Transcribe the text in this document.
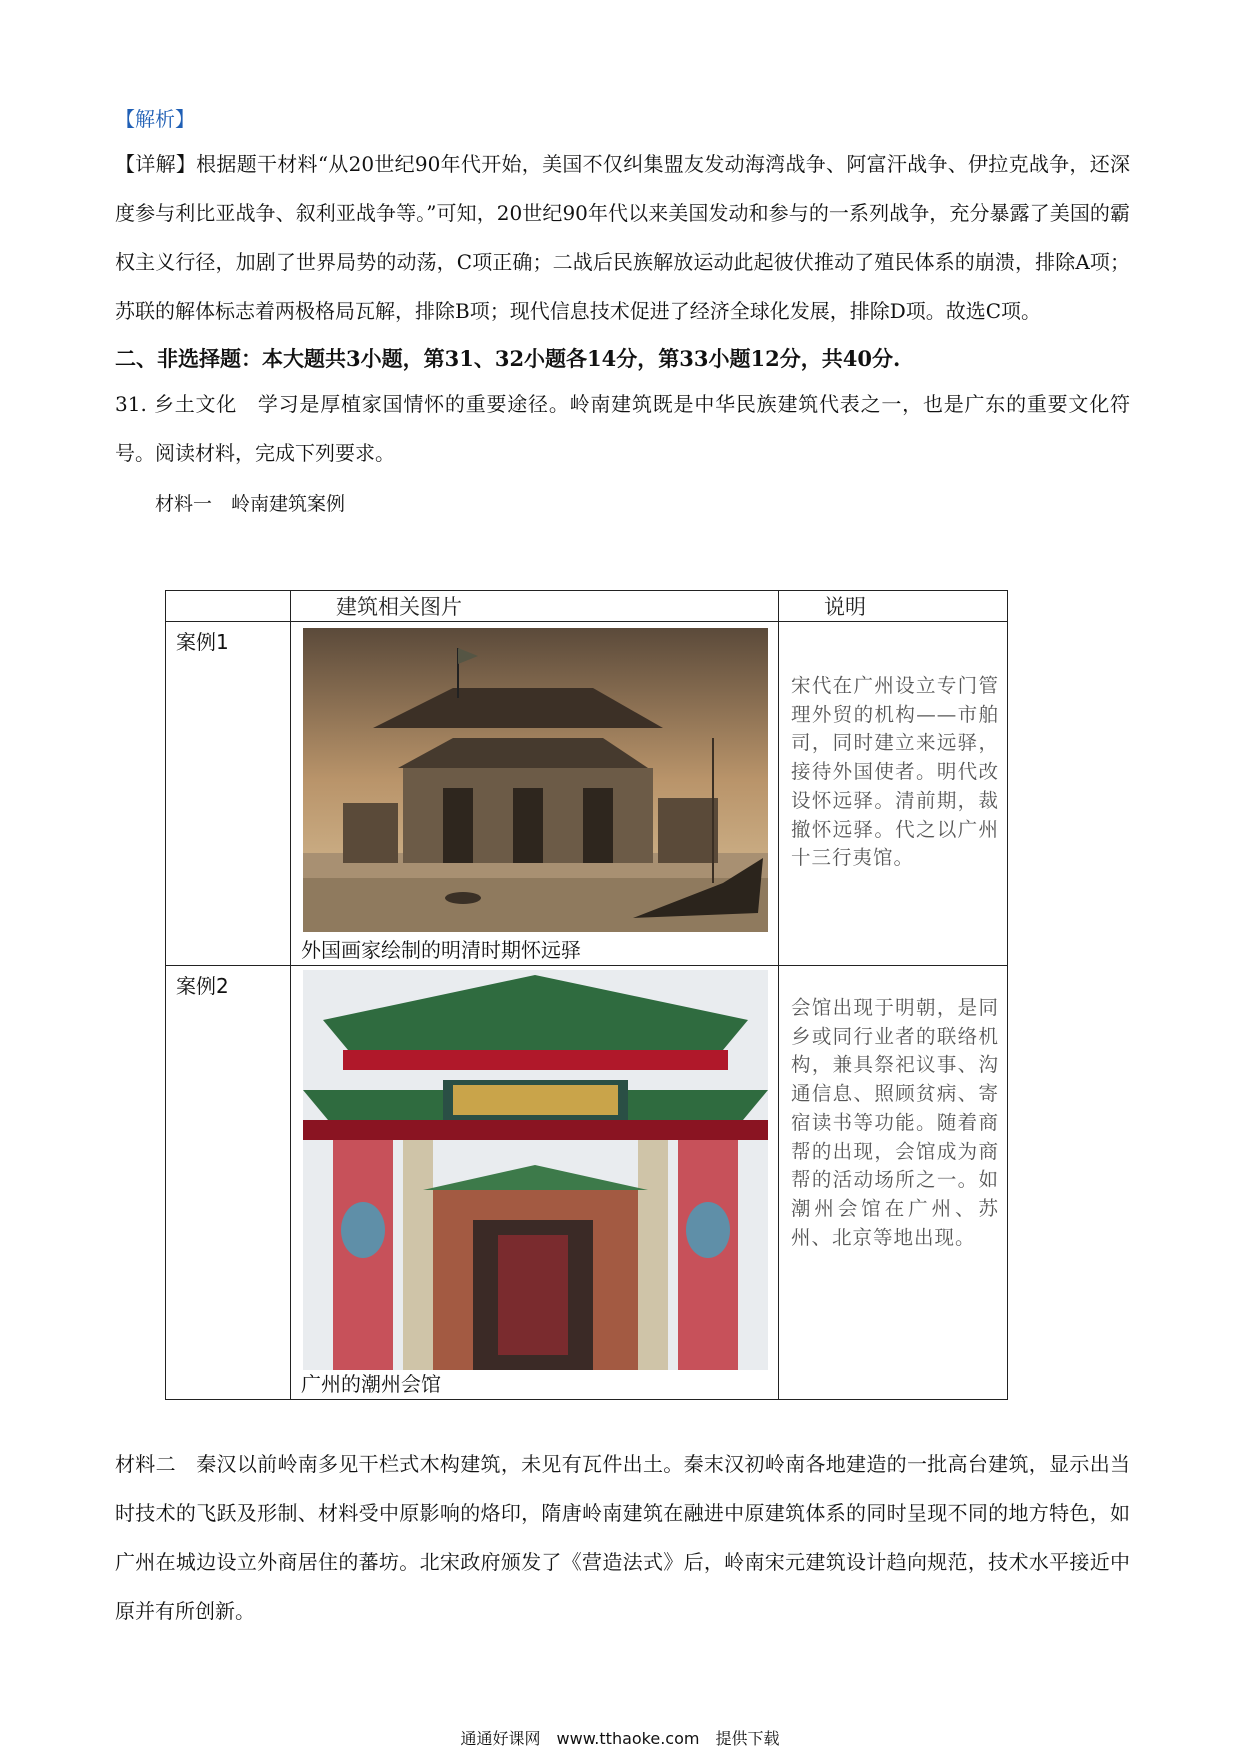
【解析】

【详解】根据题干材料“从20世纪90年代开始，美国不仅纠集盟友发动海湾战争、阿富汗战争、伊拉克战争，还深度参与利比亚战争、叙利亚战争等。”可知，20世纪90年代以来美国发动和参与的一系列战争，充分暴露了美国的霸权主义行径，加剧了世界局势的动荡，C项正确；二战后民族解放运动此起彼伏推动了殖民体系的崩溃，排除A项；苏联的解体标志着两极格局瓦解，排除B项；现代信息技术促进了经济全球化发展，排除D项。故选C项。

二、非选择题：本大题共3小题，第31、32小题各14分，第33小题12分，共40分.

31. 乡土文化　学习是厚植家国情怀的重要途径。岭南建筑既是中华民族建筑代表之一，也是广东的重要文化符号。阅读材料，完成下列要求。

材料一　岭南建筑案例
	建筑相关图片	说明

案例1	外国画家绘制的明清时期怀远驿	宋代在广州设立专门管理外贸的机构——市舶司，同时建立来远驿，接待外国使者。明代改设怀远驿。清前期，裁撤怀远驿。代之以广州十三行夷馆。

案例2	广州的潮州会馆	会馆出现于明朝，是同乡或同行业者的联络机构，兼具祭祀议事、沟通信息、照顾贫病、寄宿读书等功能。随着商帮的出现，会馆成为商帮的活动场所之一。如潮州会馆在广州、苏州、北京等地出现。

材料二　秦汉以前岭南多见干栏式木构建筑，未见有瓦件出土。秦末汉初岭南各地建造的一批高台建筑，显示出当时技术的飞跃及形制、材料受中原影响的烙印，隋唐岭南建筑在融进中原建筑体系的同时呈现不同的地方特色，如广州在城边设立外商居住的蕃坊。北宋政府颁发了《营造法式》后，岭南宋元建筑设计趋向规范，技术水平接近中原并有所创新。

通通好课网　www.tthaoke.com　提供下载
